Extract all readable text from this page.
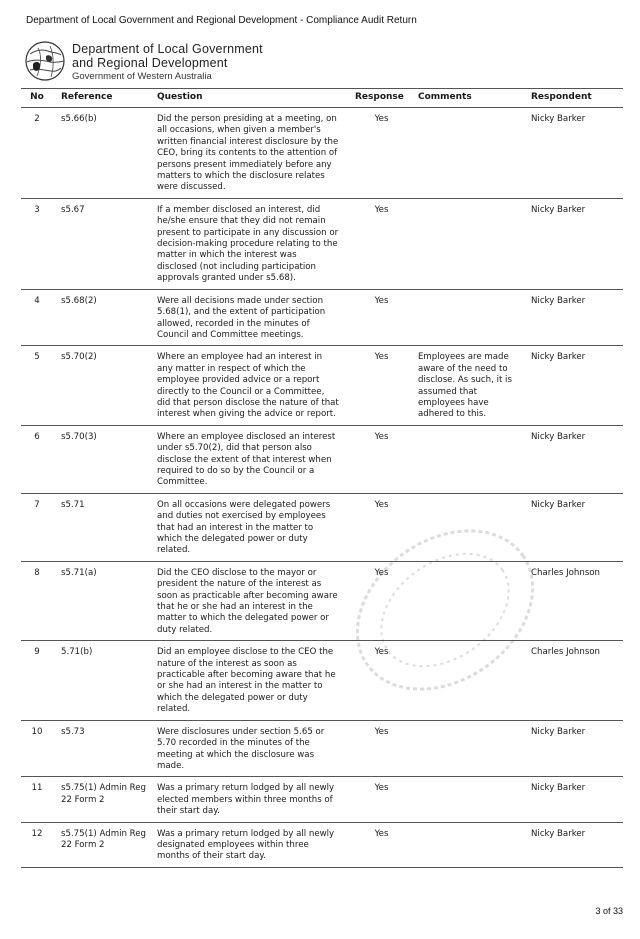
Department of Local Government and Regional Development - Compliance Audit Return
Department of Local Government
and Regional Development
Government of Western Australia
No	Reference	Question	Response	Comments	Respondent
2	s5.66(b)	Did the person presiding at a meeting, on all occasions, when given a member's written financial interest disclosure by the CEO, bring its contents to the attention of persons present immediately before any matters to which the disclosure relates were discussed.	Yes		Nicky Barker
3	s5.67	If a member disclosed an interest, did he/she ensure that they did not remain present to participate in any discussion or decision-making procedure relating to the matter in which the interest was disclosed (not including participation approvals granted under s5.68).	Yes		Nicky Barker
4	s5.68(2)	Were all decisions made under section 5.68(1), and the extent of participation allowed, recorded in the minutes of Council and Committee meetings.	Yes		Nicky Barker
5	s5.70(2)	Where an employee had an interest in any matter in respect of which the employee provided advice or a report directly to the Council or a Committee, did that person disclose the nature of that interest when giving the advice or report.	Yes	Employees are made aware of the need to disclose. As such, it is assumed that employees have adhered to this.	Nicky Barker
6	s5.70(3)	Where an employee disclosed an interest under s5.70(2), did that person also disclose the extent of that interest when required to do so by the Council or a Committee.	Yes		Nicky Barker
7	s5.71	On all occasions were delegated powers and duties not exercised by employees that had an interest in the matter to which the delegated power or duty related.	Yes		Nicky Barker
8	s5.71(a)	Did the CEO disclose to the mayor or president the nature of the interest as soon as practicable after becoming aware that he or she had an interest in the matter to which the delegated power or duty related.	Yes		Charles Johnson
9	5.71(b)	Did an employee disclose to the CEO the nature of the interest as soon as practicable after becoming aware that he or she had an interest in the matter to which the delegated power or duty related.	Yes		Charles Johnson
10	s5.73	Were disclosures under section 5.65 or 5.70 recorded in the minutes of the meeting at which the disclosure was made.	Yes		Nicky Barker
11	s5.75(1) Admin Reg 22 Form 2	Was a primary return lodged by all newly elected members within three months of their start day.	Yes		Nicky Barker
12	s5.75(1) Admin Reg 22 Form 2	Was a primary return lodged by all newly designated employees within three months of their start day.	Yes		Nicky Barker
3 of 33
